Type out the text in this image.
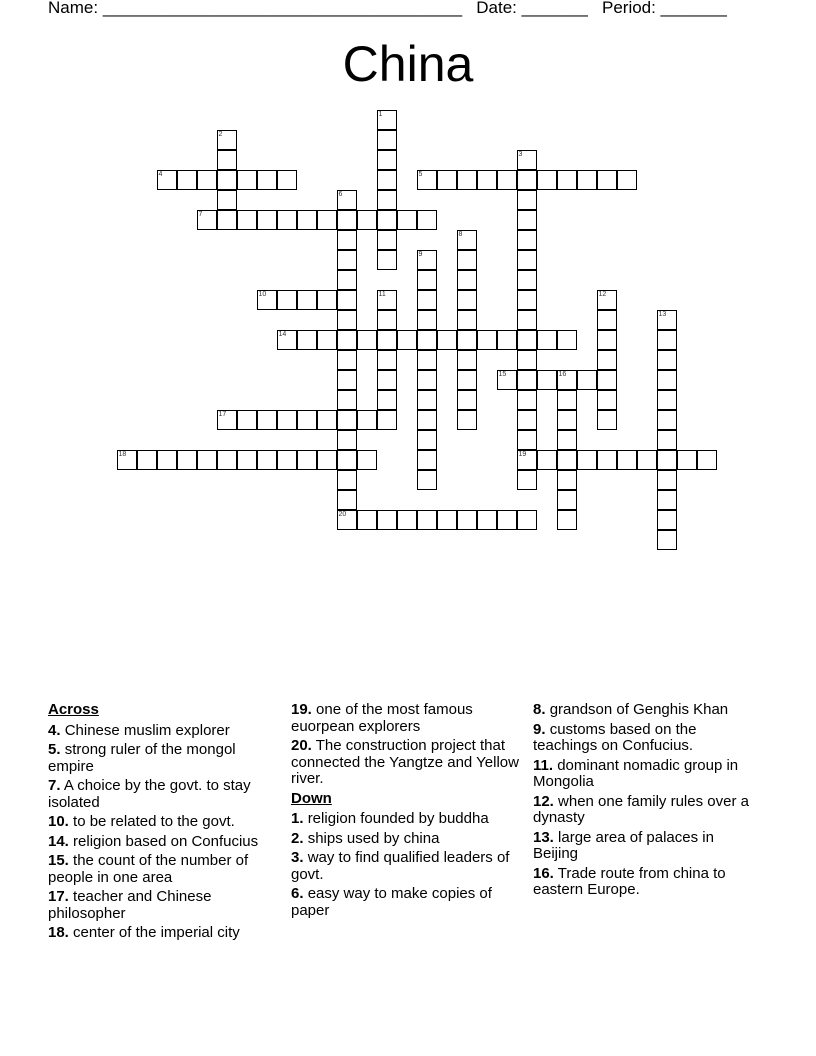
Name: ______________________________________ Date: _______ Period: _______
China
1
2
3
19
4	5
6
20
7
8
9
10	11	12
13
14
15	16
17
18
Across
4. Chinese muslim explorer
5. strong ruler of the mongol empire
7. A choice by the govt. to stay isolated
10. to be related to the govt.
14. religion based on Confucius
15. the count of the number of people in one area
17. teacher and Chinese philosopher
18. center of the imperial city
19. one of the most famous euorpean explorers
20. The construction project that connected the Yangtze and Yellow river.
Down
1. religion founded by buddha
2. ships used by china
3. way to find qualified leaders of govt.
6. easy way to make copies of paper
8. grandson of Genghis Khan
9. customs based on the teachings on Confucius.
11. dominant nomadic group in Mongolia
12. when one family rules over a dynasty
13. large area of palaces in Beijing
16. Trade route from china to eastern Europe.
